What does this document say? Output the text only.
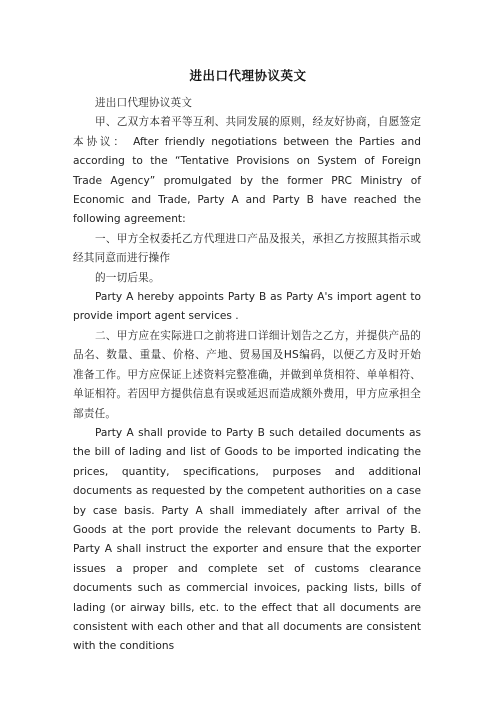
进出口代理协议英文

进出口代理协议英文

甲、乙双方本着平等互利、共同发展的原则，经友好协商，自愿签定本协议： After friendly negotiations between the Parties and according to the “Tentative Provisions on System of Foreign Trade Agency” promulgated by the former PRC Ministry of Economic and Trade, Party A and Party B have reached the following agreement:

一、甲方全权委托乙方代理进口产品及报关，承担乙方按照其指示或经其同意而进行操作

的一切后果。

Party A hereby appoints Party B as Party A's import agent to provide import agent services .

二、甲方应在实际进口之前将进口详细计划告之乙方，并提供产品的品名、数量、重量、价格、产地、贸易国及HS编码，以便乙方及时开始准备工作。甲方应保证上述资料完整准确，并做到单货相符、单单相符、单证相符。若因甲方提供信息有误或延迟而造成额外费用，甲方应承担全部责任。

Party A shall provide to Party B such detailed documents as the bill of lading and list of Goods to be imported indicating the prices, quantity, specifications, purposes and additional documents as requested by the competent authorities on a case by case basis. Party A shall immediately after arrival of the Goods at the port provide the relevant documents to Party B. Party A shall instruct the exporter and ensure that the exporter issues a proper and complete set of customs clearance documents such as commercial invoices, packing lists, bills of lading (or airway bills, etc. to the effect that all documents are consistent with each other and that all documents are consistent with the conditions
